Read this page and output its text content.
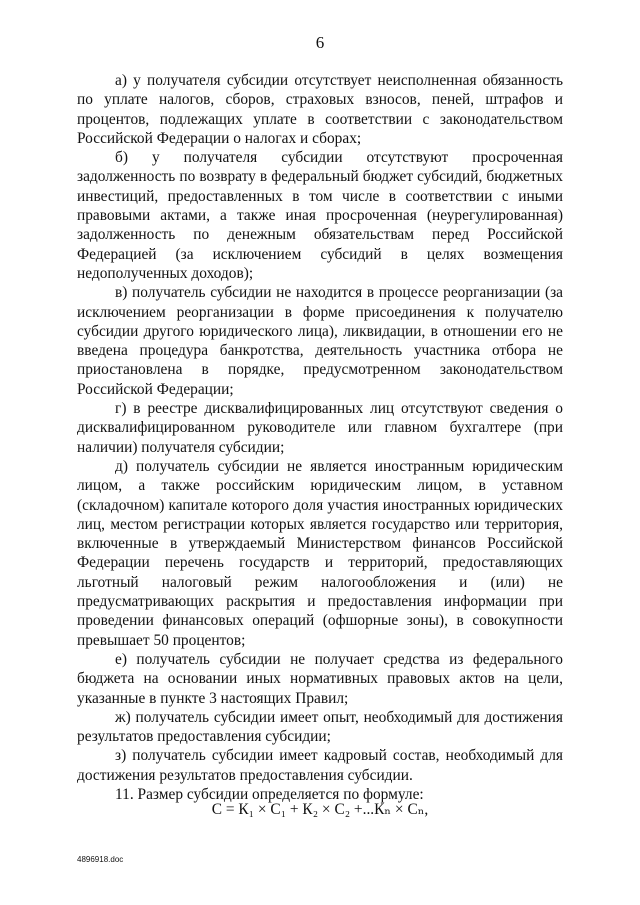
6

а) у получателя субсидии отсутствует неисполненная обязанность по уплате налогов, сборов, страховых взносов, пеней, штрафов и процентов, подлежащих уплате в соответствии с законодательством Российской Федерации о налогах и сборах;

б) у получателя субсидии отсутствуют просроченная задолженность по возврату в федеральный бюджет субсидий, бюджетных инвестиций, предоставленных в том числе в соответствии с иными правовыми актами, а также иная просроченная (неурегулированная) задолженность по денежным обязательствам перед Российской Федерацией (за исключением субсидий в целях возмещения недополученных доходов);

в) получатель субсидии не находится в процессе реорганизации (за исключением реорганизации в форме присоединения к получателю субсидии другого юридического лица), ликвидации, в отношении его не введена процедура банкротства, деятельность участника отбора не приостановлена в порядке, предусмотренном законодательством Российской Федерации;

г) в реестре дисквалифицированных лиц отсутствуют сведения о дисквалифицированном руководителе или главном бухгалтере (при наличии) получателя субсидии;

д) получатель субсидии не является иностранным юридическим лицом, а также российским юридическим лицом, в уставном (складочном) капитале которого доля участия иностранных юридических лиц, местом регистрации которых является государство или территория, включенные в утверждаемый Министерством финансов Российской Федерации перечень государств и территорий, предоставляющих льготный налоговый режим налогообложения и (или) не предусматривающих раскрытия и предоставления информации при проведении финансовых операций (офшорные зоны), в совокупности превышает 50 процентов;

е) получатель субсидии не получает средства из федерального бюджета на основании иных нормативных правовых актов на цели, указанные в пункте 3 настоящих Правил;

ж) получатель субсидии имеет опыт, необходимый для достижения результатов предоставления субсидии;

з) получатель субсидии имеет кадровый состав, необходимый для достижения результатов предоставления субсидии.

11. Размер субсидии определяется по формуле:

С = К₁ × С₁ + К₂ × С₂ +...Кₙ × Сₙ,
4896918.doc
